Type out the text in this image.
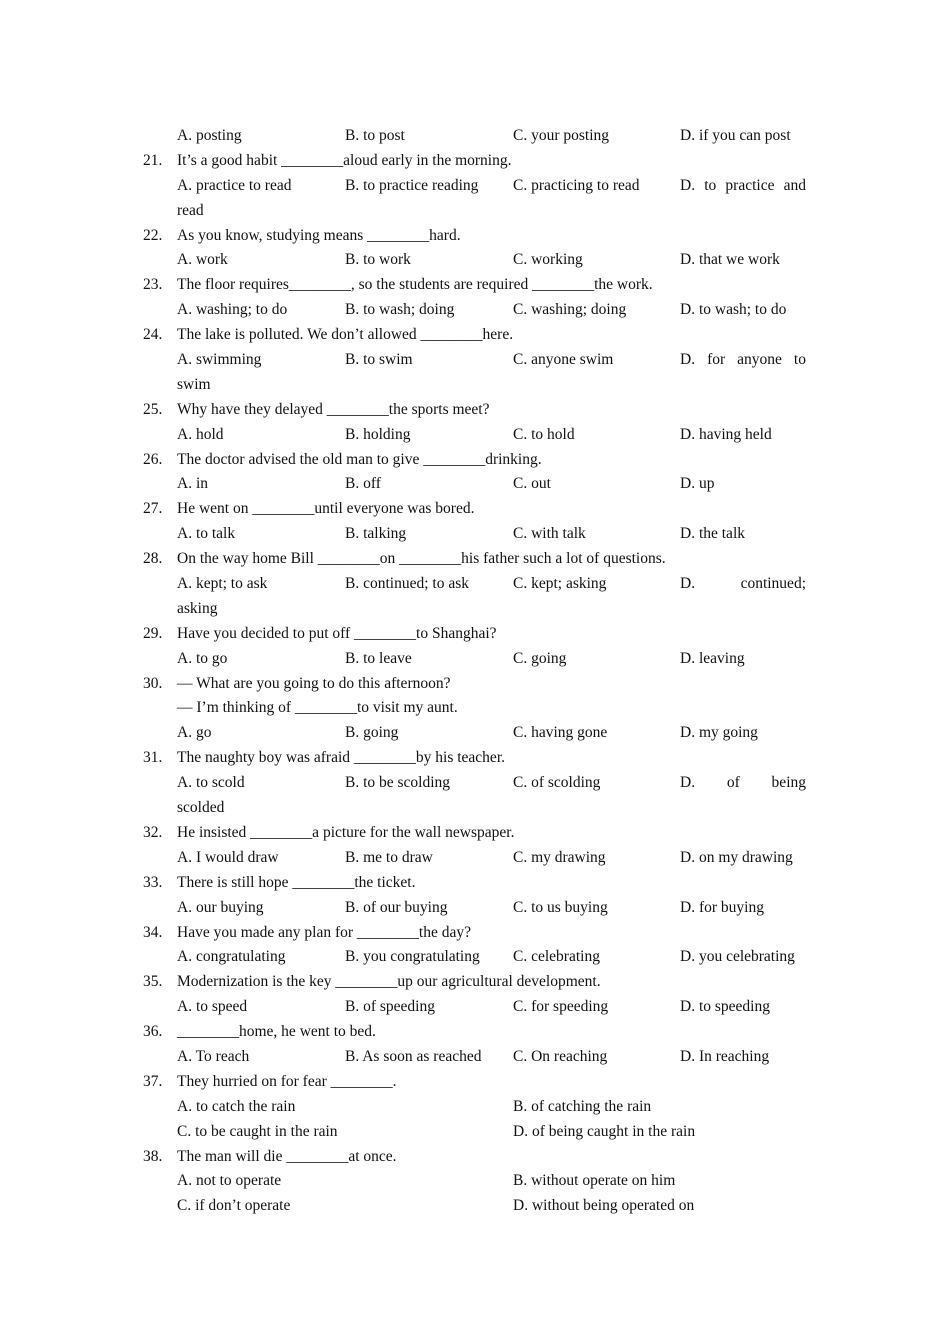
A. posting	B. to post	C. your posting	D. if you can post
21. It’s a good habit ________aloud early in the morning.
A. practice to read	B. to practice reading C. practicing to read	D. to practice and
read
22. As you know, studying means ________hard.
A. work	B. to work	C. working	D. that we work
23. The floor requires________, so the students are required ________the work.
A. washing; to do	B. to wash; doing	C. washing; doing	D. to wash; to do
24. The lake is polluted. We don’t allowed ________here.
A. swimming	B. to swim	C. anyone swim	D. for anyone to
swim
25. Why have they delayed ________the sports meet?
A. hold	B. holding	C. to hold	D. having held
26. The doctor advised the old man to give ________drinking.
A. in	B. off	C. out	D. up
27. He went on ________until everyone was bored.
A. to talk	B. talking	C. with talk	D. the talk
28. On the way home Bill ________on ________his father such a lot of questions.
A. kept; to ask	B. continued; to ask	C. kept; asking	D. continued;
asking
29. Have you decided to put off ________to Shanghai?
A. to go	B. to leave	C. going	D. leaving
30. — What are you going to do this afternoon?
— I’m thinking of ________to visit my aunt.
A. go	B. going	C. having gone	D. my going
31. The naughty boy was afraid ________by his teacher.
A. to scold	B. to be scolding	C. of scolding	D. of being
scolded
32. He insisted ________a picture for the wall newspaper.
A. I would draw	B. me to draw	C. my drawing	D. on my drawing
33. There is still hope ________the ticket.
A. our buying	B. of our buying	C. to us buying	D. for buying
34. Have you made any plan for ________the day?
A. congratulating	B. you congratulating C. celebrating	D. you celebrating
35. Modernization is the key ________up our agricultural development.
A. to speed	B. of speeding	C. for speeding	D. to speeding
36. ________home, he went to bed.
A. To reach	B. As soon as reached C. On reaching	D. In reaching
37. They hurried on for fear ________.
A. to catch the rain	B. of catching the rain
C. to be caught in the rain	D. of being caught in the rain
38. The man will die ________at once.
A. not to operate	B. without operate on him
C. if don’t operate	D. without being operated on
